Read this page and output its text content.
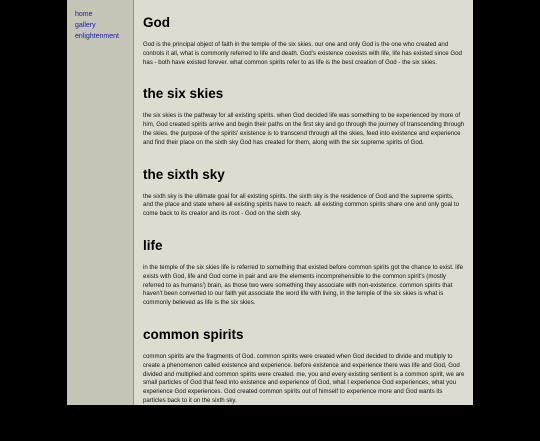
home
gallery
enlightenment
God

God is the principal object of faith in the temple of the six skies. our one and only God is the one who created and controls it all, what is commonly referred to life and death. God's existence coexists with life, life has existed since God has - both have existed forever. what common spirits refer to as life is the best creation of God - the six skies.

the six skies

the six skies is the pathway for all existing spirits. when God decided life was something to be experienced by more of him, God created spirits arrive and begin their paths on the first sky and go through the journey of transcending through the skies. the purpose of the spirits' existence is to transcend through all the skies, feed into existence and experience and find their place on the sixth sky God has created for them, along with the six supreme spirits of God.

the sixth sky

the sixth sky is the ultimate goal for all existing spirits. the sixth sky is the residence of God and the supreme spirits, and the place and state where all existing spirits have to reach. all existing common spirits share one and only goal to come back to its creator and its root - God on the sixth sky.

life

in the temple of the six skies life is referred to something that existed before common spirits got the chance to exist. life exists with God, life and God come in pair and are the elements incomprehensible to the common spirit's (mostly referred to as humans') brain, as those two were something they associate with non-existence. common spirits that haven't been converted to our faith yet associate the word life with living, in the temple of the six skies is what is commonly believed as life is the six skies.

common spirits

common spirits are the fragments of God. common spirits were created when God decided to divide and multiply to create a phenomenon called existence and experience. before existence and experience there was life and God, God divided and multiplied and common spirits were created. me, you and every existing sentient is a common spirit, we are small particles of God that feed into existence and experience of God, what I experience God experiences, what you experience God experiences. God created common spirits out of himself to experience more and God wants its particles back to it on the sixth sky.

supreme spirits
